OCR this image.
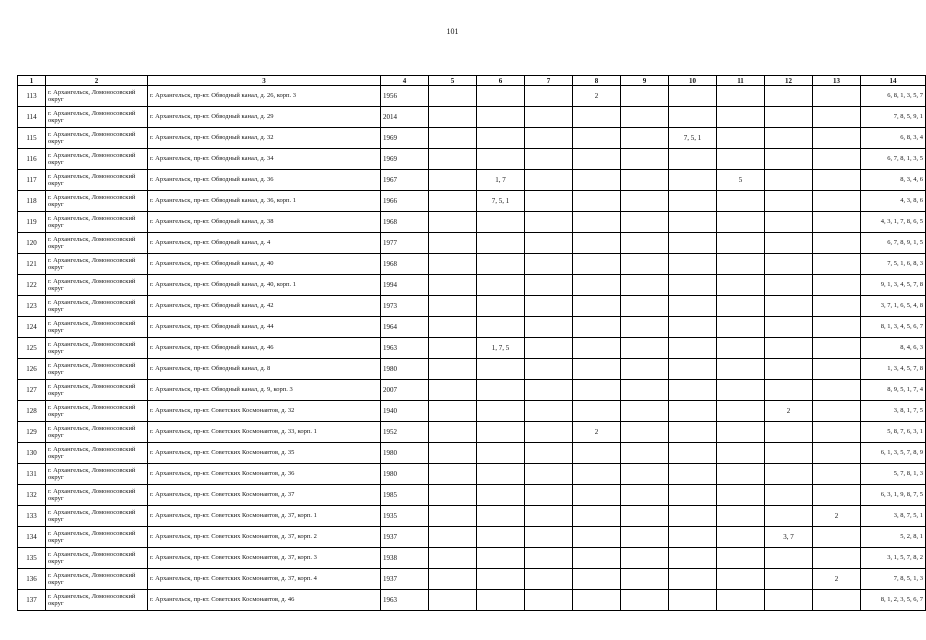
101
1	2	3	4	5	6	7	8	9	10	11	12	13	14
113	г. Архангельск, Ломоносовский округ	г. Архангельск, пр-кт. Обводный канал, д. 26, корп. 3	1956				2						6, 8, 1, 3, 5, 7
114	г. Архангельск, Ломоносовский округ	г. Архангельск, пр-кт. Обводный канал, д. 29	2014										7, 8, 5, 9, 1
115	г. Архангельск, Ломоносовский округ	г. Архангельск, пр-кт. Обводный канал, д. 32	1969						7, 5, 1				6, 8, 3, 4
116	г. Архангельск, Ломоносовский округ	г. Архангельск, пр-кт. Обводный канал, д. 34	1969										6, 7, 8, 1, 3, 5
117	г. Архангельск, Ломоносовский округ	г. Архангельск, пр-кт. Обводный канал, д. 36	1967		1, 7					5			8, 3, 4, 6
118	г. Архангельск, Ломоносовский округ	г. Архангельск, пр-кт. Обводный канал, д. 36, корп. 1	1966		7, 5, 1								4, 3, 8, 6
119	г. Архангельск, Ломоносовский округ	г. Архангельск, пр-кт. Обводный канал, д. 38	1968										4, 3, 1, 7, 8, 6, 5
120	г. Архангельск, Ломоносовский округ	г. Архангельск, пр-кт. Обводный канал, д. 4	1977										6, 7, 8, 9, 1, 5
121	г. Архангельск, Ломоносовский округ	г. Архангельск, пр-кт. Обводный канал, д. 40	1968										7, 5, 1, 6, 8, 3
122	г. Архангельск, Ломоносовский округ	г. Архангельск, пр-кт. Обводный канал, д. 40, корп. 1	1994										9, 1, 3, 4, 5, 7, 8
123	г. Архангельск, Ломоносовский округ	г. Архангельск, пр-кт. Обводный канал, д. 42	1973										3, 7, 1, 6, 5, 4, 8
124	г. Архангельск, Ломоносовский округ	г. Архангельск, пр-кт. Обводный канал, д. 44	1964										8, 1, 3, 4, 5, 6, 7
125	г. Архангельск, Ломоносовский округ	г. Архангельск, пр-кт. Обводный канал, д. 46	1963		1, 7, 5								8, 4, 6, 3
126	г. Архангельск, Ломоносовский округ	г. Архангельск, пр-кт. Обводный канал, д. 8	1980										1, 3, 4, 5, 7, 8
127	г. Архангельск, Ломоносовский округ	г. Архангельск, пр-кт. Обводный канал, д. 9, корп. 3	2007										8, 9, 5, 1, 7, 4
128	г. Архангельск, Ломоносовский округ	г. Архангельск, пр-кт. Советских Космонавтов, д. 32	1940								2		3, 8, 1, 7, 5
129	г. Архангельск, Ломоносовский округ	г. Архангельск, пр-кт. Советских Космонавтов, д. 33, корп. 1	1952				2						5, 8, 7, 6, 3, 1
130	г. Архангельск, Ломоносовский округ	г. Архангельск, пр-кт. Советских Космонавтов, д. 35	1980										6, 1, 3, 5, 7, 8, 9
131	г. Архангельск, Ломоносовский округ	г. Архангельск, пр-кт. Советских Космонавтов, д. 36	1980										5, 7, 8, 1, 3
132	г. Архангельск, Ломоносовский округ	г. Архангельск, пр-кт. Советских Космонавтов, д. 37	1985										6, 3, 1, 9, 8, 7, 5
133	г. Архангельск, Ломоносовский округ	г. Архангельск, пр-кт. Советских Космонавтов, д. 37, корп. 1	1935									2	3, 8, 7, 5, 1
134	г. Архангельск, Ломоносовский округ	г. Архангельск, пр-кт. Советских Космонавтов, д. 37, корп. 2	1937								3, 7		5, 2, 8, 1
135	г. Архангельск, Ломоносовский округ	г. Архангельск, пр-кт. Советских Космонавтов, д. 37, корп. 3	1938										3, 1, 5, 7, 8, 2
136	г. Архангельск, Ломоносовский округ	г. Архангельск, пр-кт. Советских Космонавтов, д. 37, корп. 4	1937									2	7, 8, 5, 1, 3
137	г. Архангельск, Ломоносовский округ	г. Архангельск, пр-кт. Советских Космонавтов, д. 46	1963										8, 1, 2, 3, 5, 6, 7
